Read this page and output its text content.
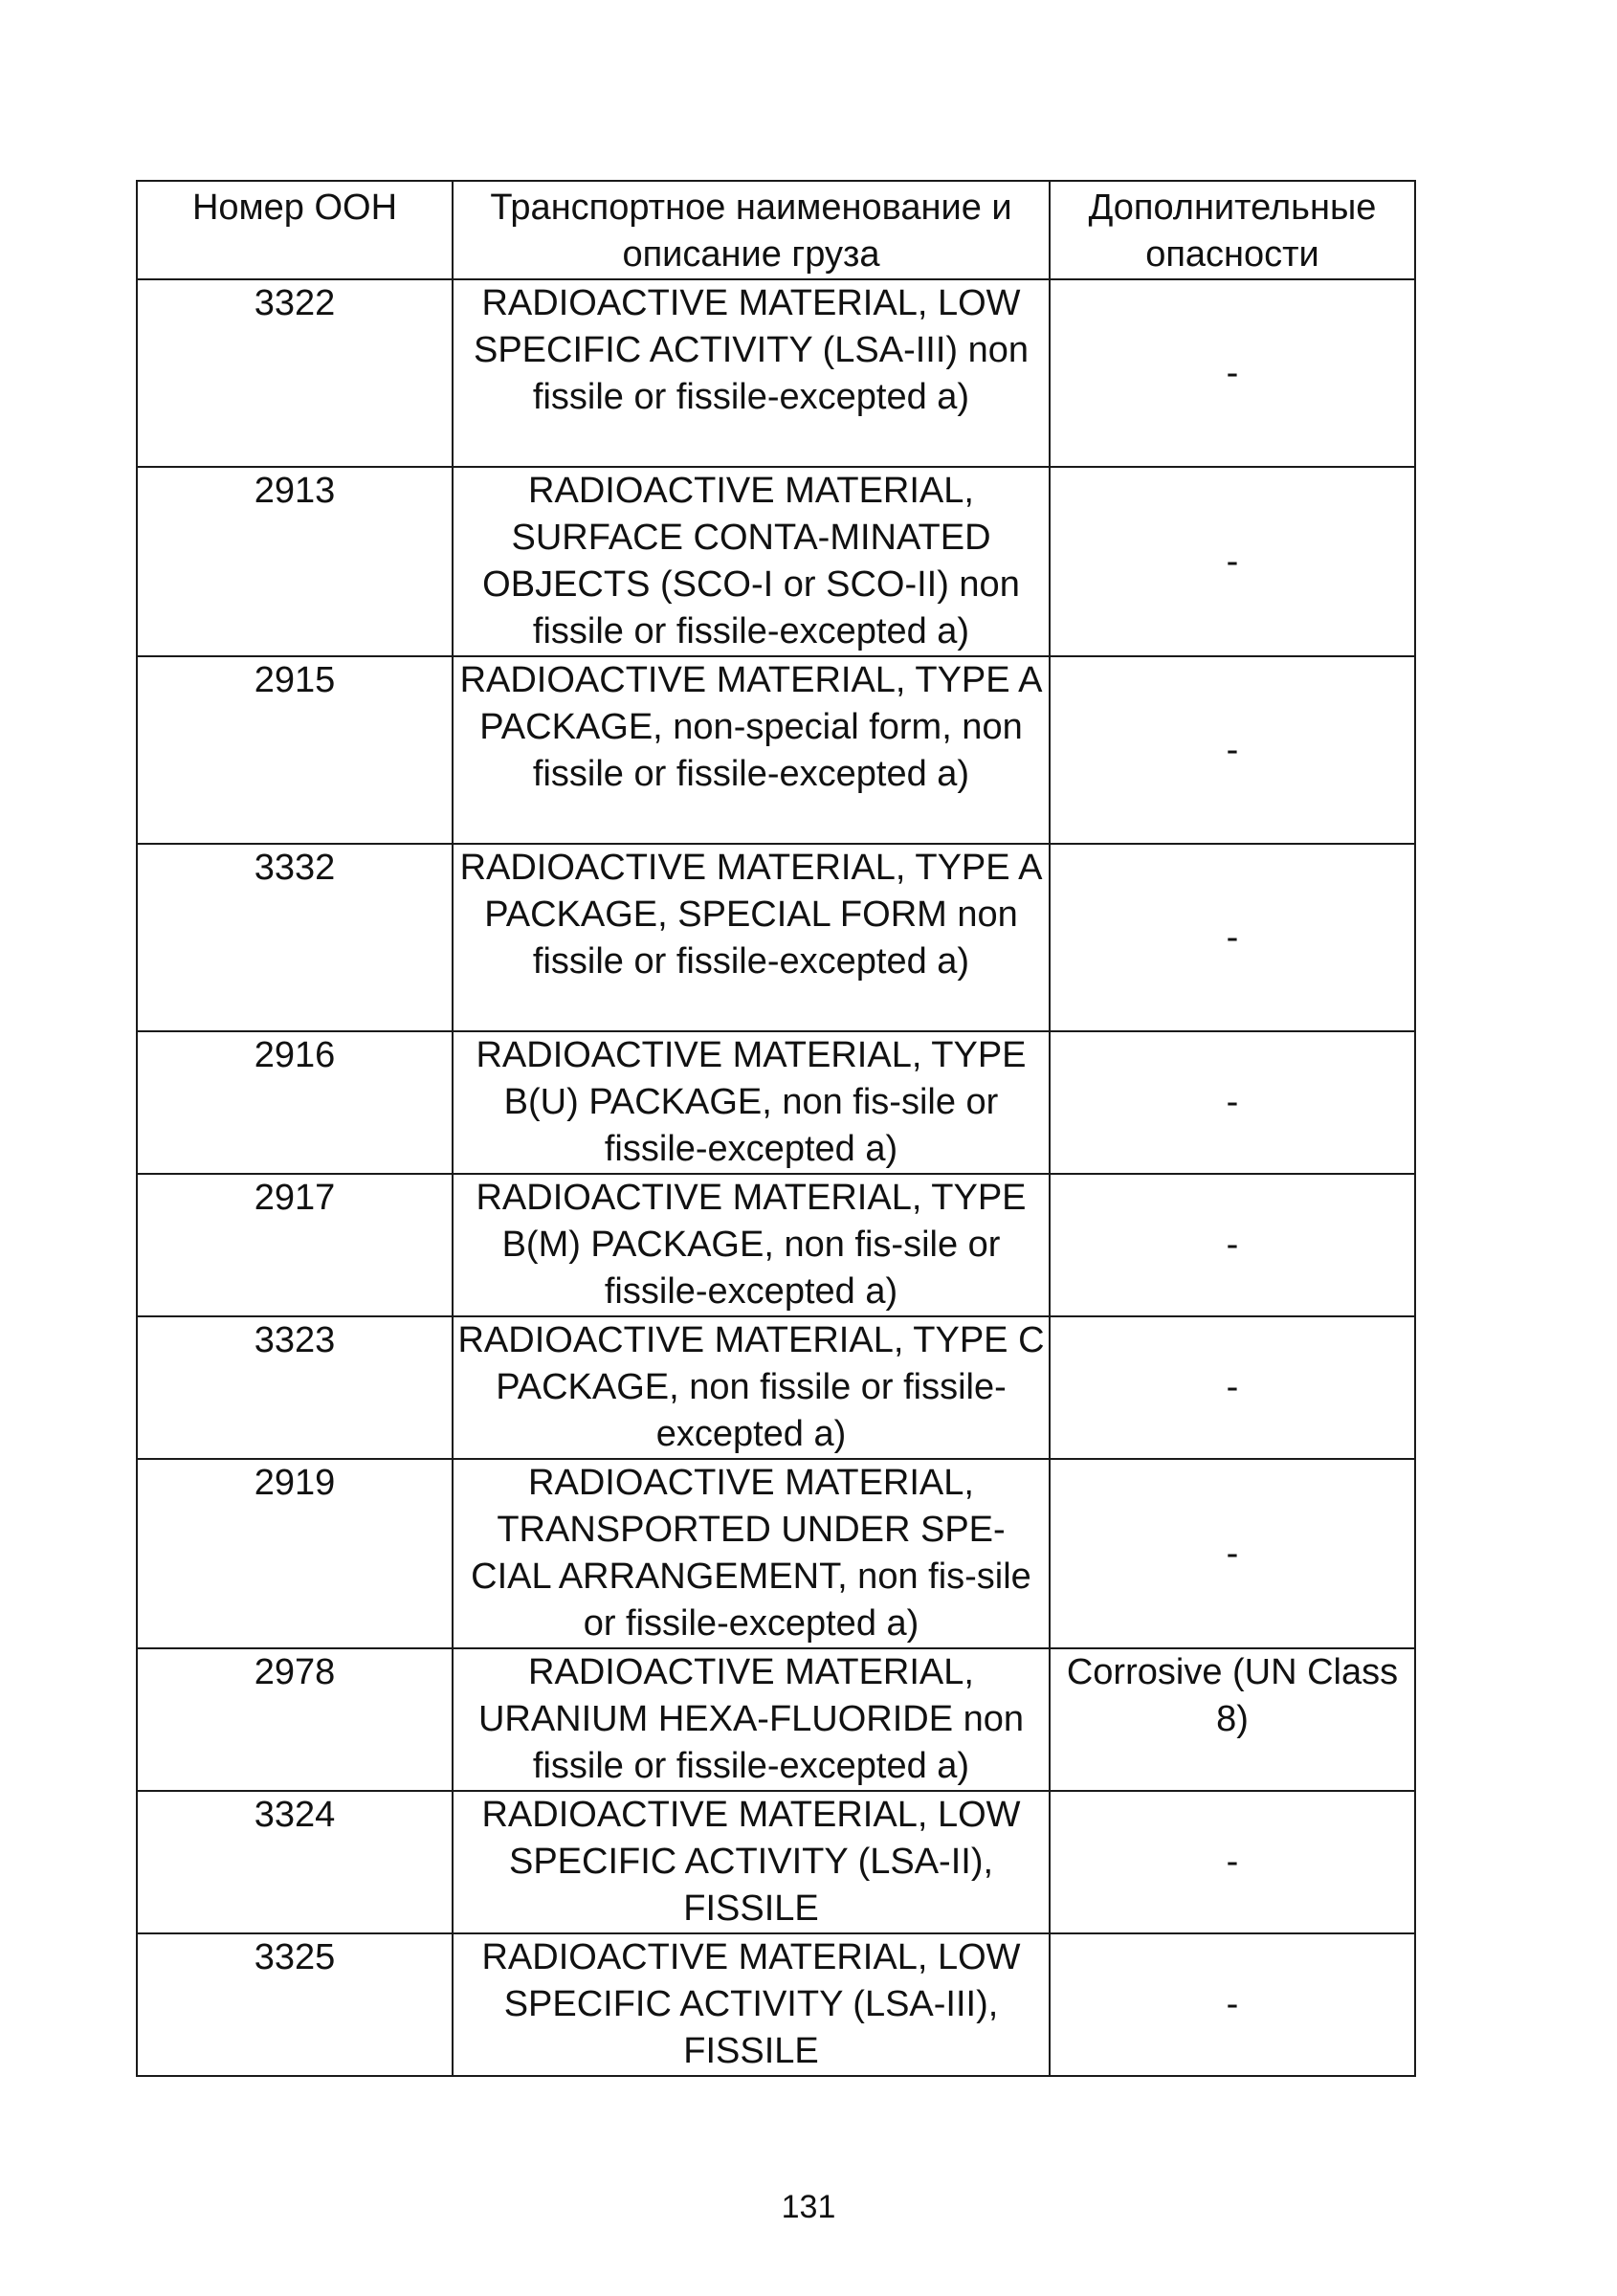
Номер ООН	Транспортное наименование и описание груза	Дополнительные опасности
3322	RADIOACTIVE MATERIAL, LOW SPECIFIC ACTIVITY (LSA-III) non fissile or fissile-excepted a)	-
2913	RADIOACTIVE MATERIAL, SURFACE CONTA-MINATED OBJECTS (SCO-I or SCO-II) non fissile or fissile-excepted a)	-
2915	RADIOACTIVE MATERIAL, TYPE A PACKAGE, non-special form, non fissile or fissile-excepted a)	-
3332	RADIOACTIVE MATERIAL, TYPE A PACKAGE, SPECIAL FORM non fissile or fissile-excepted a)	-
2916	RADIOACTIVE MATERIAL, TYPE B(U) PACKAGE, non fis-sile or fissile-excepted a)	-
2917	RADIOACTIVE MATERIAL, TYPE B(M) PACKAGE, non fis-sile or fissile-excepted a)	-
3323	RADIOACTIVE MATERIAL, TYPE C PACKAGE, non fissile or fissile-excepted a)	-
2919	RADIOACTIVE MATERIAL, TRANSPORTED UNDER SPE-CIAL ARRANGEMENT, non fis-sile or fissile-excepted a)	-
2978	RADIOACTIVE MATERIAL, URANIUM HEXA-FLUORIDE non fissile or fissile-excepted a)	Corrosive (UN Class 8)
3324	RADIOACTIVE MATERIAL, LOW SPECIFIC ACTIVITY (LSA-II), FISSILE	-
3325	RADIOACTIVE MATERIAL, LOW SPECIFIC ACTIVITY (LSA-III), FISSILE	-
131
